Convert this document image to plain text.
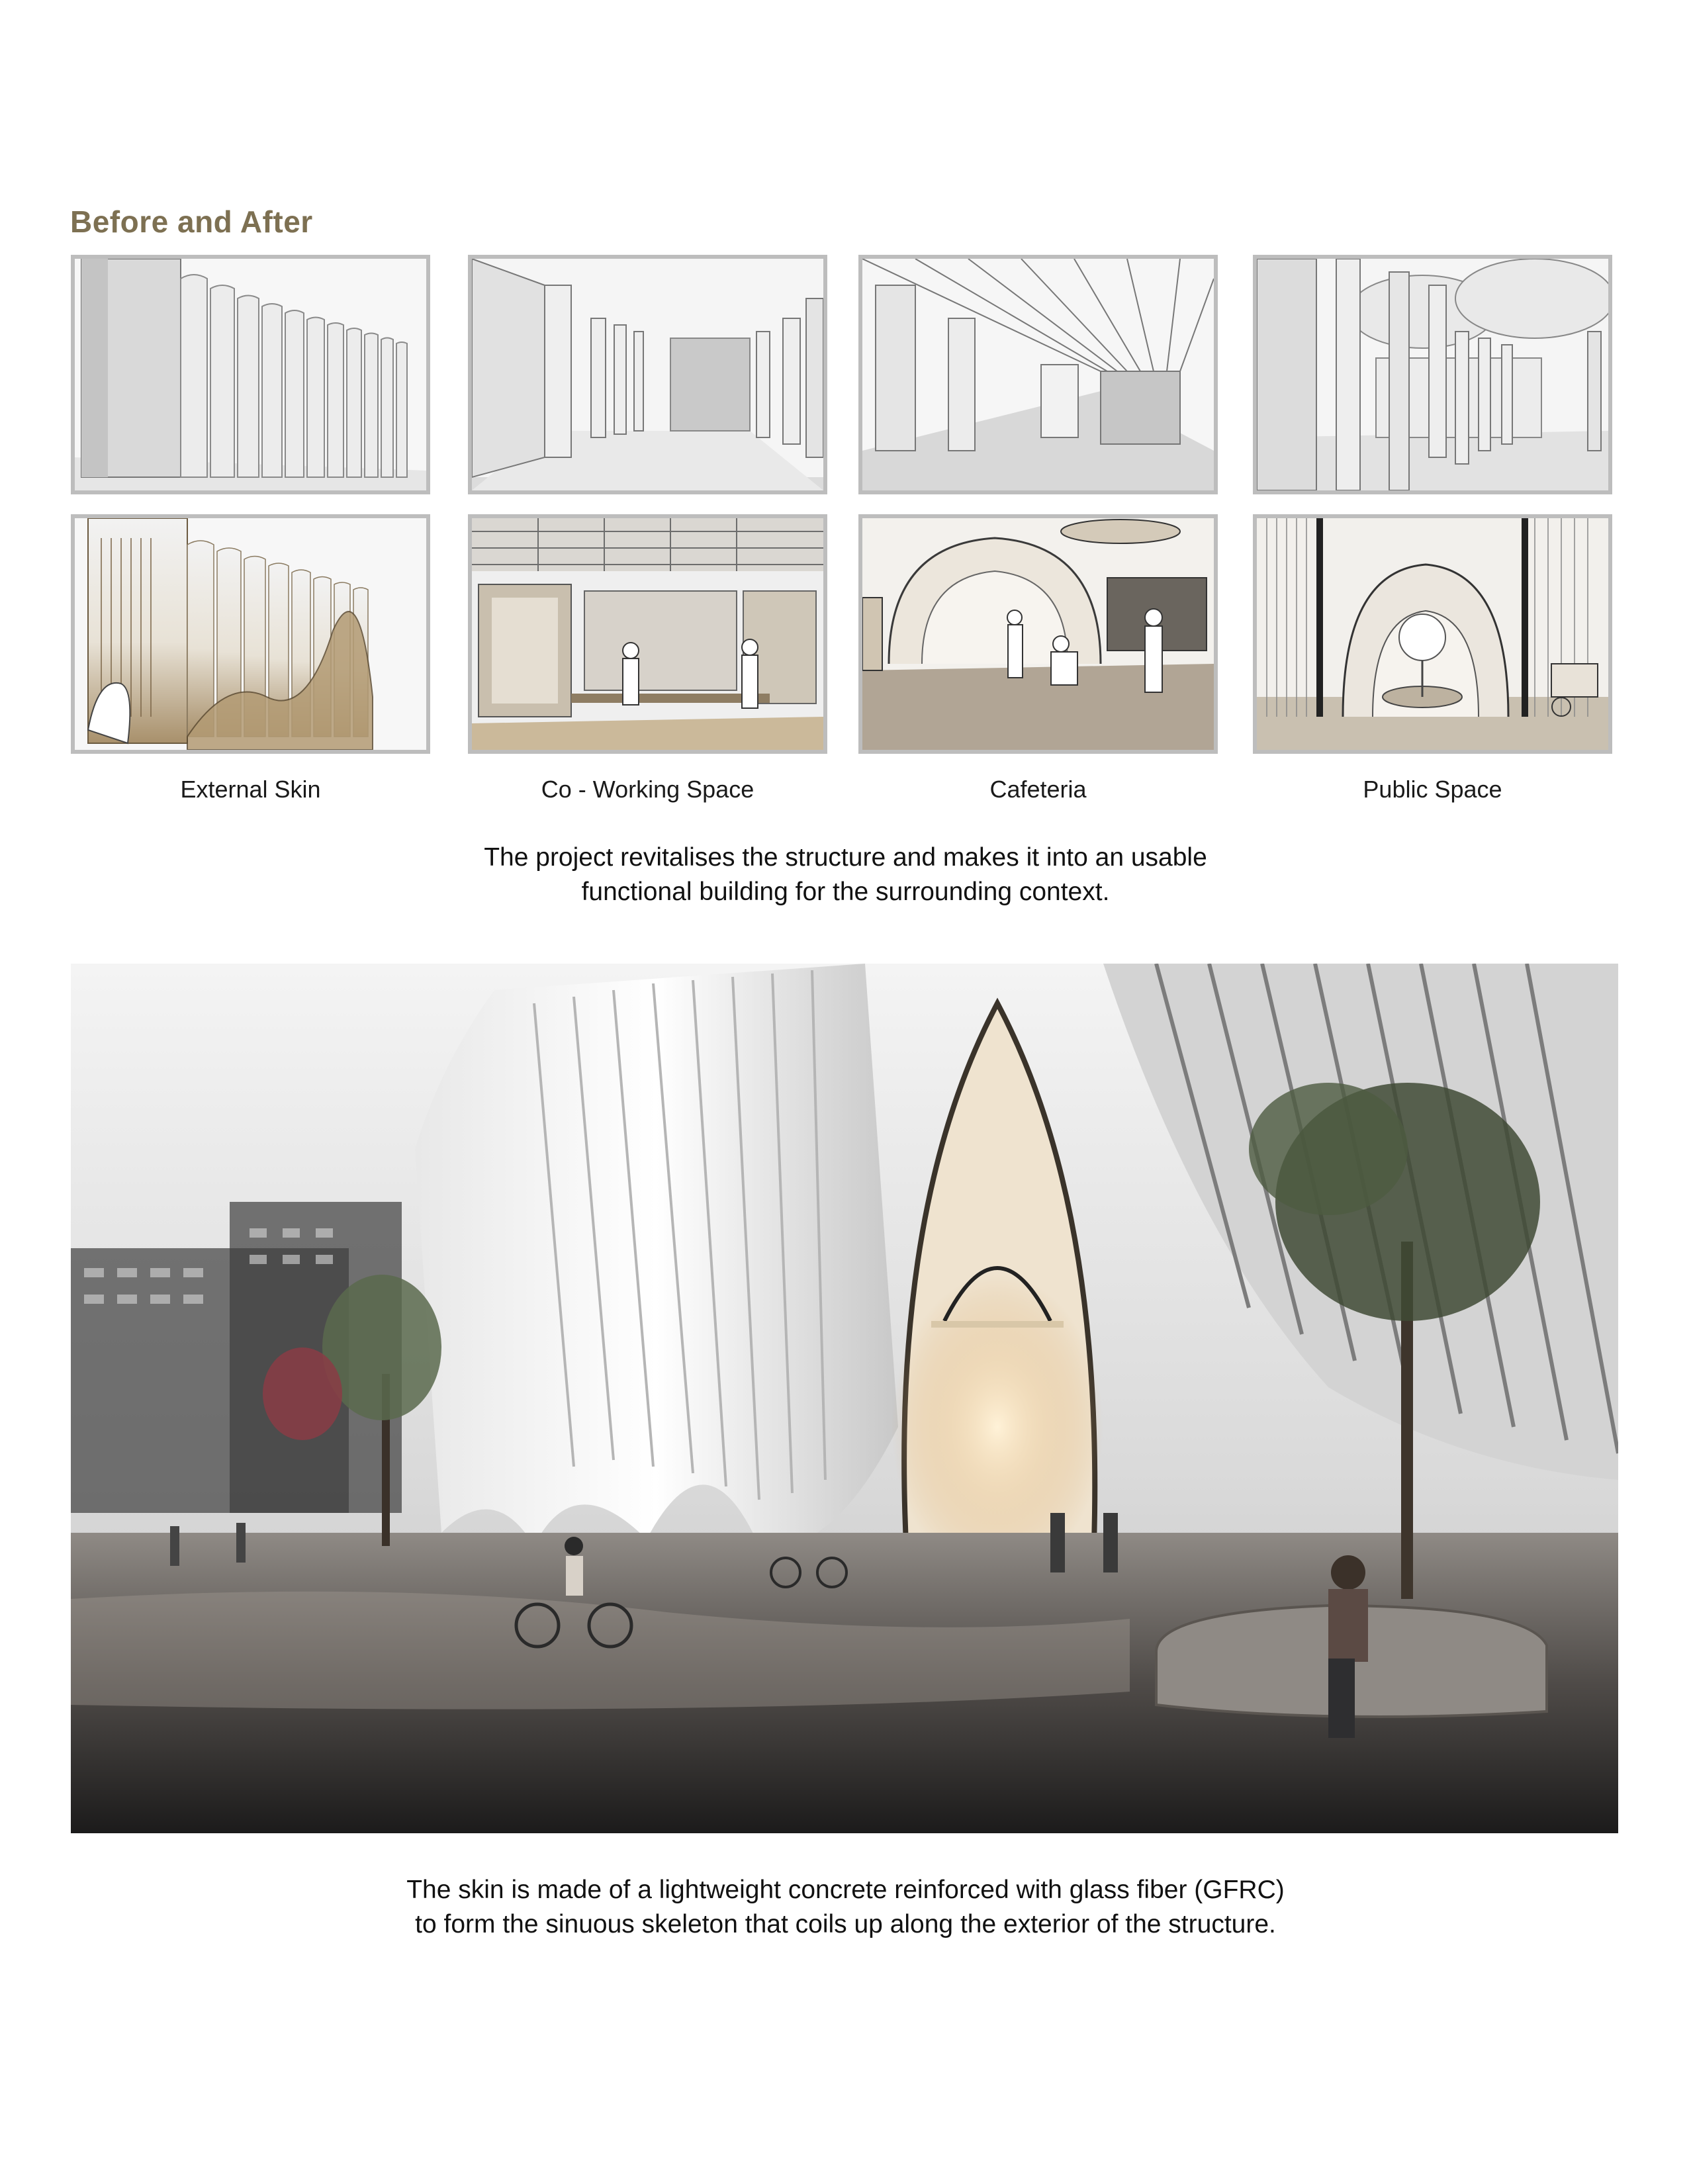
Before and After
External Skin	Co - Working Space	Cafeteria	Public Space
The project revitalises the structure and makes it into an usable
functional building for the surrounding context.
The skin is made of a lightweight concrete reinforced with glass fiber (GFRC)
to form the sinuous skeleton that coils up along the exterior of the structure.
